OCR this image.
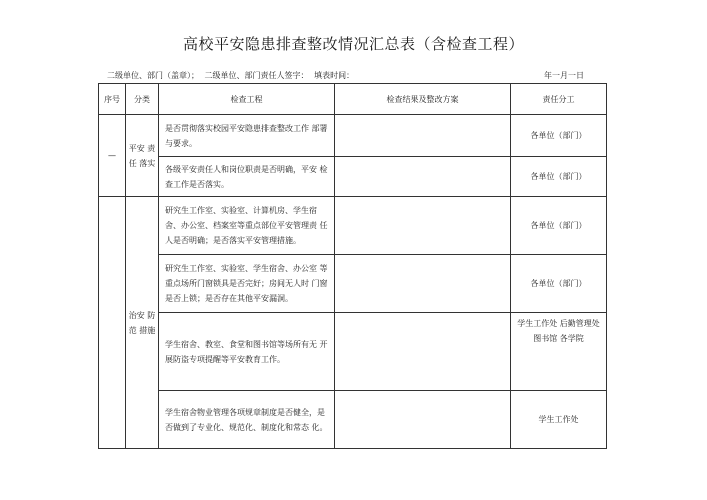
高校平安隐患排查整改情况汇总表（含检查工程）
二级单位、部门（盖章）； 二级单位、部门责任人签字： 填表时间：	年一月一日
序号	分类	检查工程	检查结果及整改方案	责任分工
—	平安 责任 落实	是否贯彻落实校园平安隐患排查整改工作 部署与要求。		各单位（部门）
		各级平安责任人和岗位职责是否明确，平安 检查工作是否落实。		各单位（部门）
	治安 防范 措施	研究生工作室、实验室、计算机房、学生宿舍、办公室、档案室等重点部位平安管理责 任人是否明确；是否落实平安管理措施。		各单位（部门）
		研究生工作室、实验室、学生宿舍、办公室 等重点场所门窗锁具是否完好；房间无人时 门窗是否上锁；是否存在其他平安漏洞。		各单位（部门）
		学生宿舍、教室、食堂和图书馆等场所有无 开展防盗专项提醒等平安教育工作。		学生工作处 后勤管理处 图书馆 各学院
		学生宿舍物业管理各项规章制度是否健全，是否做到了专业化、规范化、制度化和常态 化。		学生工作处
